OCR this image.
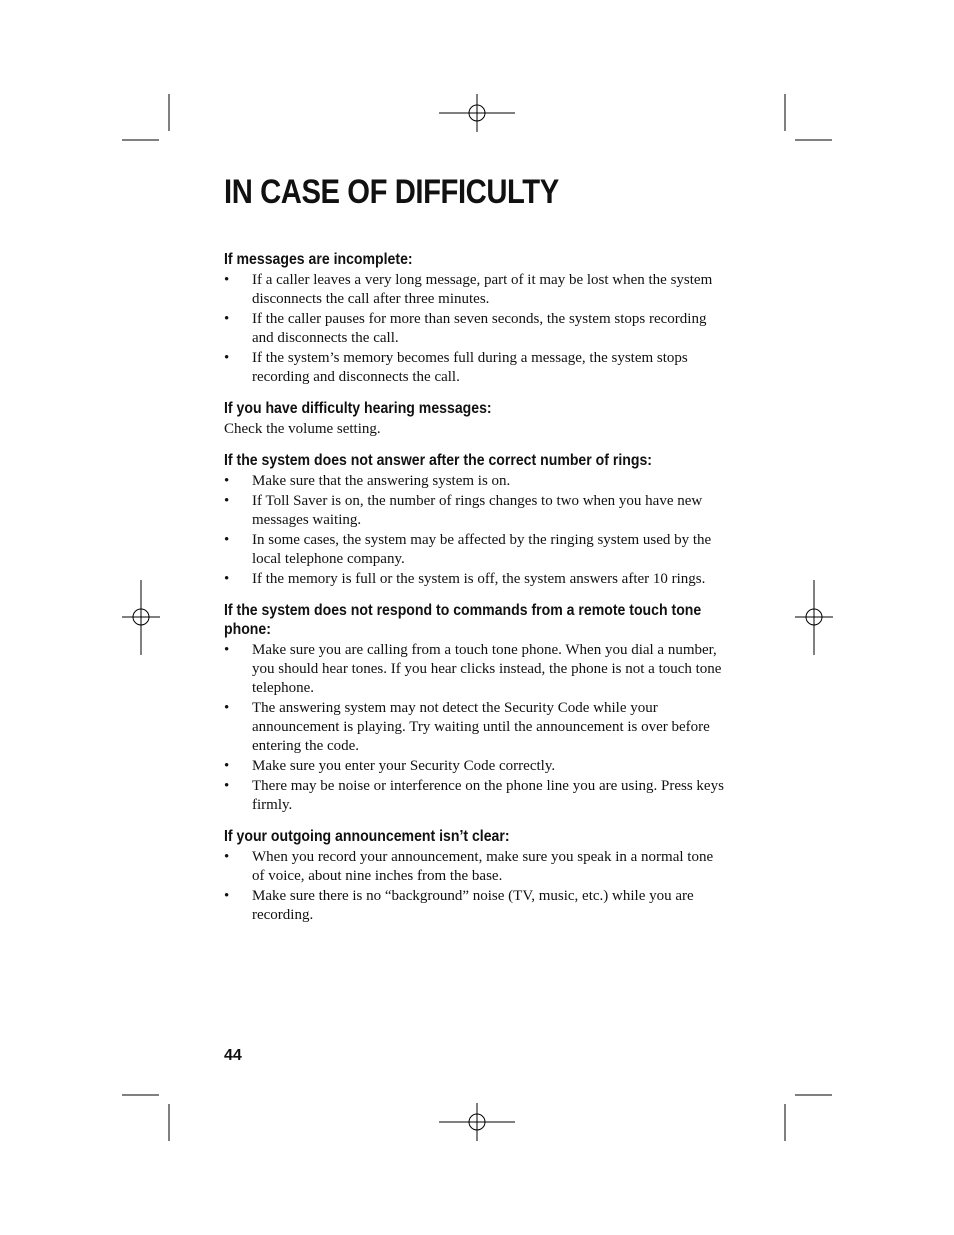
IN CASE OF DIFFICULTY
If messages are incomplete:
• If a caller leaves a very long message, part of it may be lost when the system disconnects the call after three minutes.
• If the caller pauses for more than seven seconds, the system stops recording and disconnects the call.
• If the system’s memory becomes full during a message, the system stops recording and disconnects the call.
If you have difficulty hearing messages:

Check the volume setting.

If the system does not answer after the correct number of rings:
• Make sure that the answering system is on.
• If Toll Saver is on, the number of rings changes to two when you have new messages waiting.
• In some cases, the system may be affected by the ringing system used by the local telephone company.
• If the memory is full or the system is off, the system answers after 10 rings.
If the system does not respond to commands from a remote touch tone phone:
• Make sure you are calling from a touch tone phone. When you dial a number, you should hear tones. If you hear clicks instead, the phone is not a touch tone telephone.
• The answering system may not detect the Security Code while your announcement is playing. Try waiting until the announcement is over before entering the code.
• Make sure you enter your Security Code correctly.
• There may be noise or interference on the phone line you are using. Press keys firmly.
If your outgoing announcement isn’t clear:
• When you record your announcement, make sure you speak in a normal tone of voice, about nine inches from the base.
• Make sure there is no “background” noise (TV, music, etc.) while you are recording.

44
